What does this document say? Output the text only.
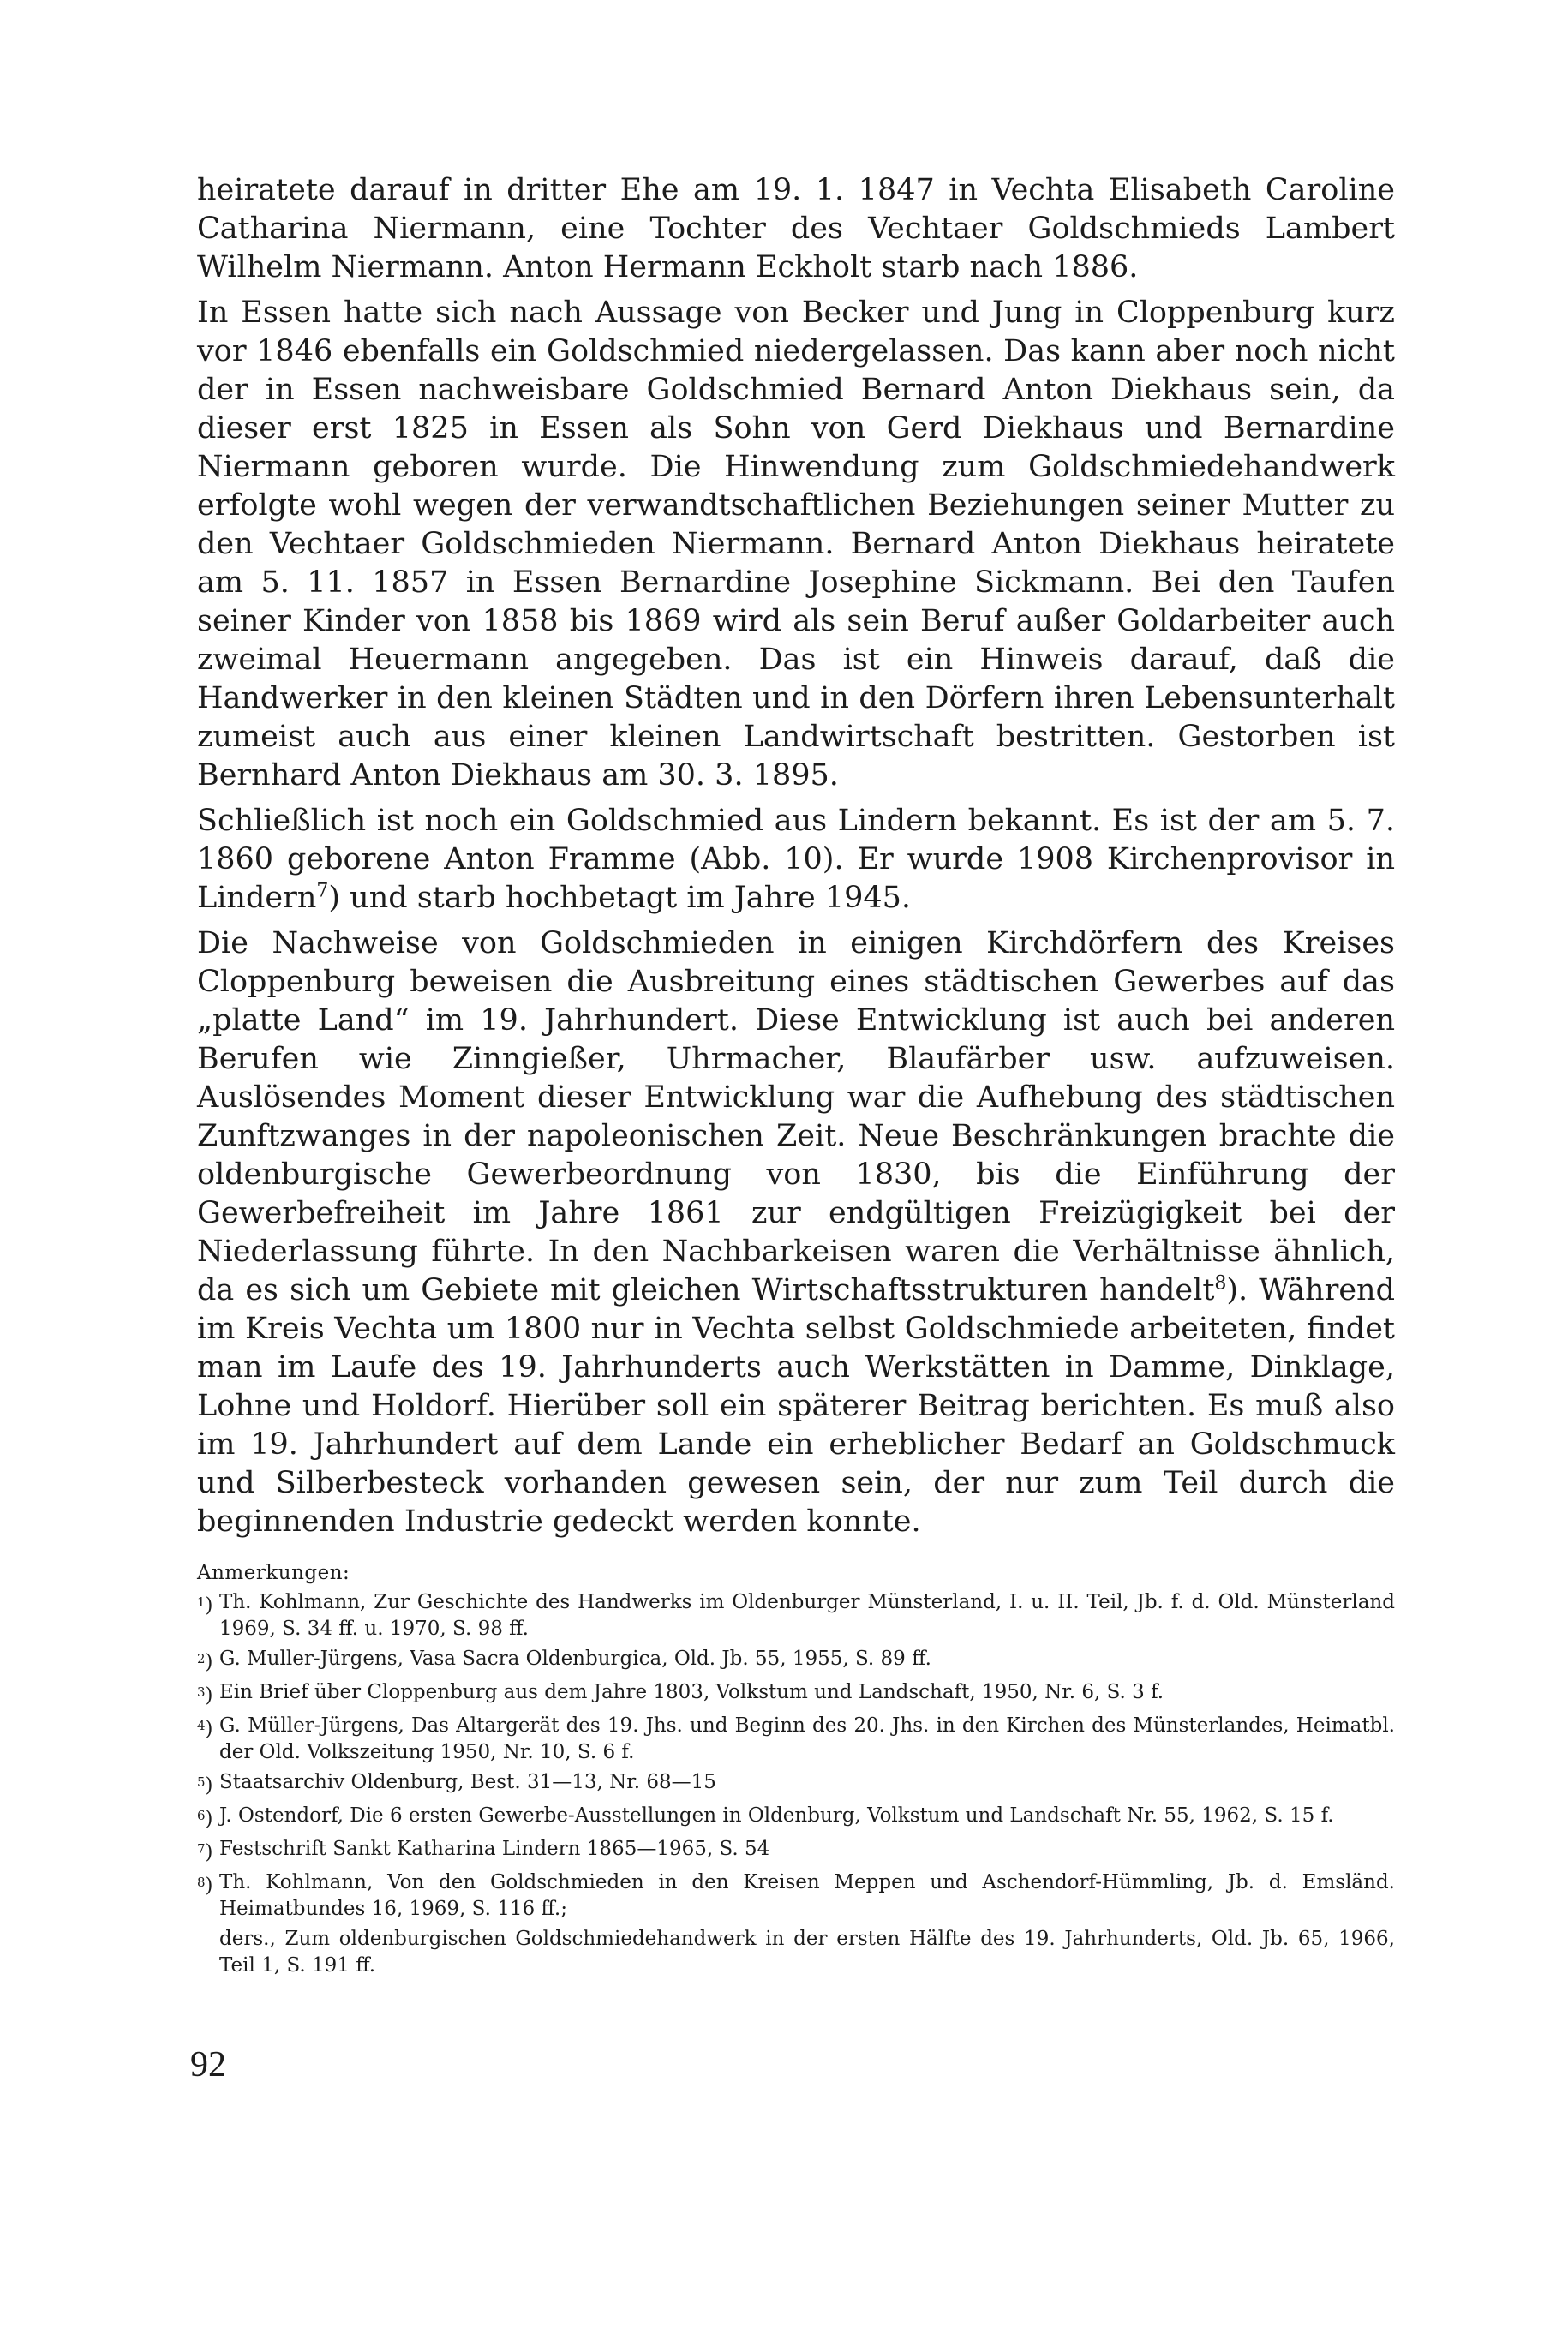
heiratete darauf in dritter Ehe am 19. 1. 1847 in Vechta Elisabeth Caroline Catharina Niermann, eine Tochter des Vechtaer Goldschmieds Lambert Wilhelm Niermann. Anton Hermann Eckholt starb nach 1886.

In Essen hatte sich nach Aussage von Becker und Jung in Cloppenburg kurz vor 1846 ebenfalls ein Goldschmied niedergelassen. Das kann aber noch nicht der in Essen nachweisbare Goldschmied Bernard Anton Diekhaus sein, da dieser erst 1825 in Essen als Sohn von Gerd Diekhaus und Bernardine Niermann geboren wurde. Die Hinwendung zum Goldschmiedehandwerk erfolgte wohl wegen der verwandtschaftlichen Beziehungen seiner Mutter zu den Vechtaer Goldschmieden Niermann. Bernard Anton Diekhaus heiratete am 5. 11. 1857 in Essen Bernardine Josephine Sickmann. Bei den Taufen seiner Kinder von 1858 bis 1869 wird als sein Beruf außer Goldarbeiter auch zweimal Heuermann angegeben. Das ist ein Hinweis darauf, daß die Handwerker in den kleinen Städten und in den Dörfern ihren Lebensunterhalt zumeist auch aus einer kleinen Landwirtschaft bestritten. Gestorben ist Bernhard Anton Diekhaus am 30. 3. 1895.

Schließlich ist noch ein Goldschmied aus Lindern bekannt. Es ist der am 5. 7. 1860 geborene Anton Framme (Abb. 10). Er wurde 1908 Kirchenprovisor in Lindern$^7$) und starb hochbetagt im Jahre 1945.

Die Nachweise von Goldschmieden in einigen Kirchdörfern des Kreises Cloppenburg beweisen die Ausbreitung eines städtischen Gewerbes auf das „platte Land“ im 19. Jahrhundert. Diese Entwicklung ist auch bei anderen Berufen wie Zinngießer, Uhrmacher, Blaufärber usw. aufzuweisen. Auslösendes Moment dieser Entwicklung war die Aufhebung des städtischen Zunftzwanges in der napoleonischen Zeit. Neue Beschränkungen brachte die oldenburgische Gewerbeordnung von 1830, bis die Einführung der Gewerbefreiheit im Jahre 1861 zur endgültigen Freizügigkeit bei der Niederlassung führte. In den Nachbarkeisen waren die Verhältnisse ähnlich, da es sich um Gebiete mit gleichen Wirtschaftsstrukturen handelt$^8$). Während im Kreis Vechta um 1800 nur in Vechta selbst Goldschmiede arbeiteten, findet man im Laufe des 19. Jahrhunderts auch Werkstätten in Damme, Dinklage, Lohne und Holdorf. Hierüber soll ein späterer Beitrag berichten. Es muß also im 19. Jahrhundert auf dem Lande ein erheblicher Bedarf an Goldschmuck und Silberbesteck vorhanden gewesen sein, der nur zum Teil durch die beginnenden Industrie gedeckt werden konnte.

Anmerkungen:
$^1$) Th. Kohlmann, Zur Geschichte des Handwerks im Oldenburger Münsterland, I. u. II. Teil, Jb. f. d. Old. Münsterland 1969, S. 34 ff. u. 1970, S. 98 ff.
$^2$) G. Muller-Jürgens, Vasa Sacra Oldenburgica, Old. Jb. 55, 1955, S. 89 ff.
$^3$) Ein Brief über Cloppenburg aus dem Jahre 1803, Volkstum und Landschaft, 1950, Nr. 6, S. 3 f.
$^4$) G. Müller-Jürgens, Das Altargerät des 19. Jhs. und Beginn des 20. Jhs. in den Kirchen des Münsterlandes, Heimatbl. der Old. Volkszeitung 1950, Nr. 10, S. 6 f.
$^5$) Staatsarchiv Oldenburg, Best. 31—13, Nr. 68—15
$^6$) J. Ostendorf, Die 6 ersten Gewerbe-Ausstellungen in Oldenburg, Volkstum und Landschaft Nr. 55, 1962, S. 15 f.
$^7$) Festschrift Sankt Katharina Lindern 1865—1965, S. 54
$^8$) Th. Kohlmann, Von den Goldschmieden in den Kreisen Meppen und Aschendorf-Hümmling, Jb. d. Emsländ. Heimatbundes 16, 1969, S. 116 ff.;
ders., Zum oldenburgischen Goldschmiedehandwerk in der ersten Hälfte des 19. Jahrhunderts, Old. Jb. 65, 1966, Teil 1, S. 191 ff.
92
